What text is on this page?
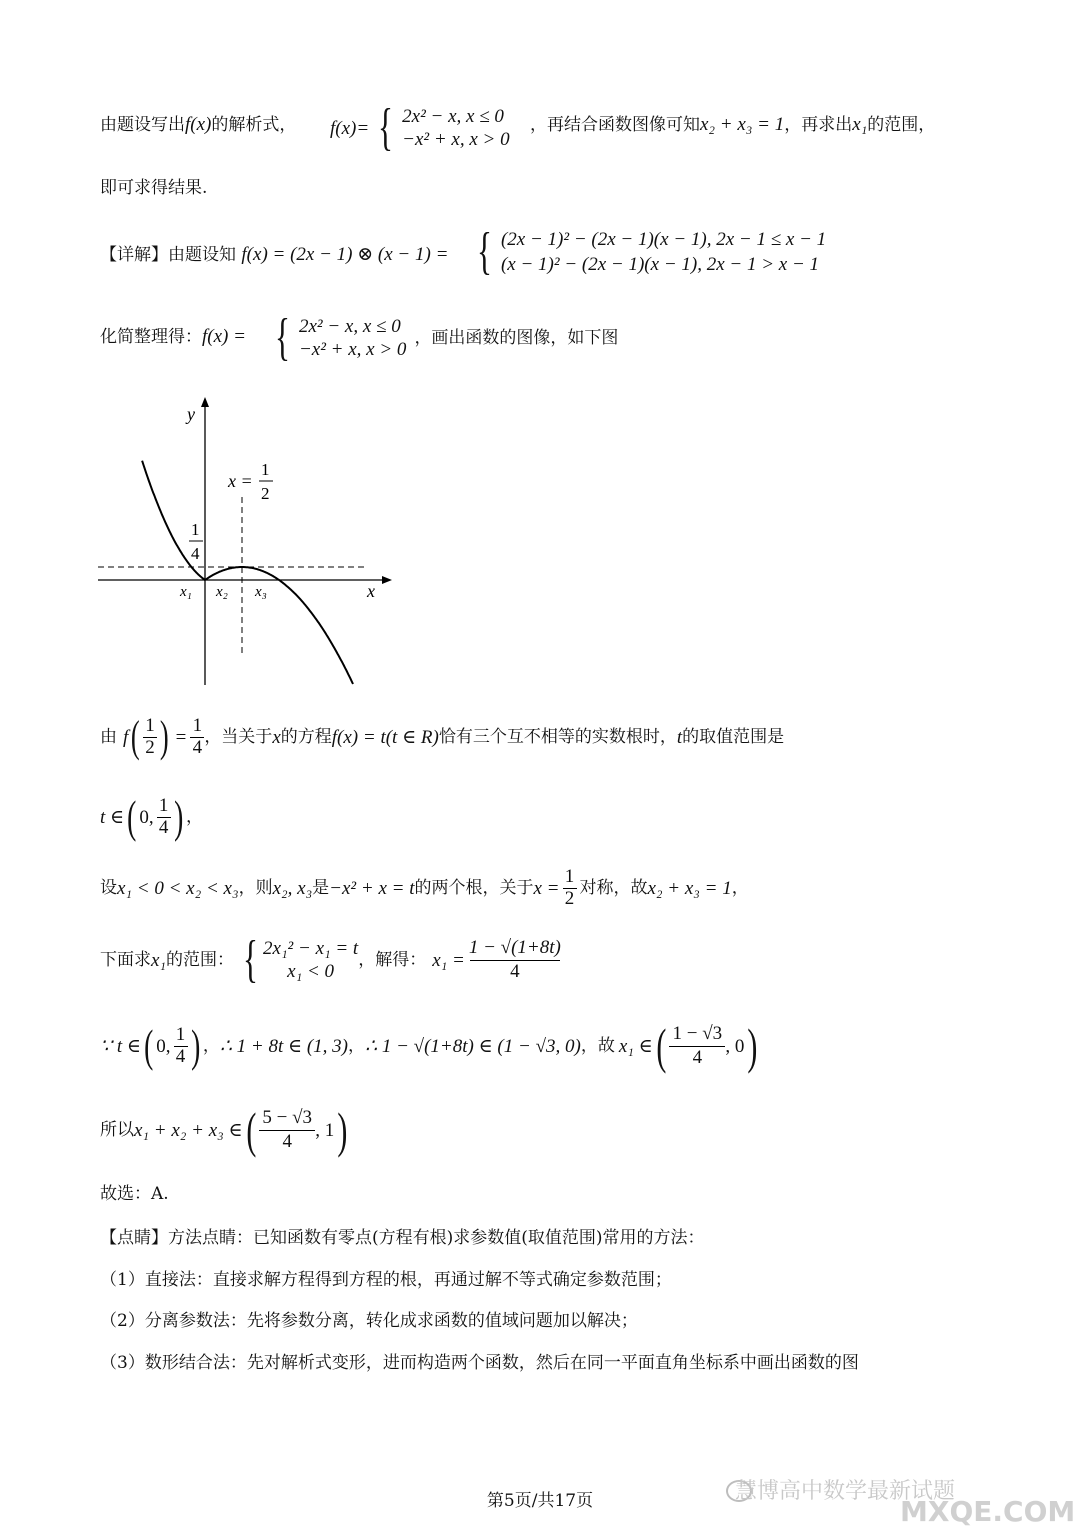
由题设写出f(x)的解析式， f(x)= { 2x² − x, x ≤ 0
−x² + x, x > 0
，再结合函数图像可知x₂ + x₃ = 1，再求出x₁的范围，
即可求得结果.
【详解】由题设知 f(x) = (2x − 1) ⊗ (x − 1) = { (2x − 1)² − (2x − 1)(x − 1), 2x − 1 ≤ x − 1
(x − 1)² − (2x − 1)(x − 1), 2x − 1 > x − 1
化简整理得：f(x) = { 2x² − x, x ≤ 0
−x² + x, x > 0
，画出函数的图像，如下图
y
x
x =
1
2
1
4
x₁ x₂ x₃
由 f ( 1
2 ) =
1
4 ，当关于 x 的方程 f(x) = t(t ∈ R) 恰有三个互不相等的实数根时， t 的取值范围是
t ∈ ( 0,
1
4 ) ，
设 x₁ < 0 < x₂ < x₃ ，则 x₂, x₃ 是 −x² + x = t 的两个根，关于 x =
1
2 对称，故 x₂ + x₃ = 1 ，
下面求 x₁ 的范围： { 2x₁² − x₁ = t
x₁ < 0
，解得： x₁ =
1 − √(1+8t)
4
∵ t ∈ ( 0,
1
4 ) ， ∴ 1 + 8t ∈ (1, 3) ， ∴ 1 − √(1+8t) ∈ (1 − √3, 0) ，故 x₁ ∈ ( 1 − √3
4
, 0 )
所以 x₁ + x₂ + x₃ ∈ ( 5 − √3
4
, 1 )
故选：A.
【点睛】方法点睛：已知函数有零点(方程有根)求参数值(取值范围)常用的方法：
（1）直接法：直接求解方程得到方程的根，再通过解不等式确定参数范围；
（2）分离参数法：先将参数分离，转化成求函数的值域问题加以解决；
（3）数形结合法：先对解析式变形，进而构造两个函数，然后在同一平面直角坐标系中画出函数的图
第5页/共17页	慧博高中数学最新试题
MXQE.COM
